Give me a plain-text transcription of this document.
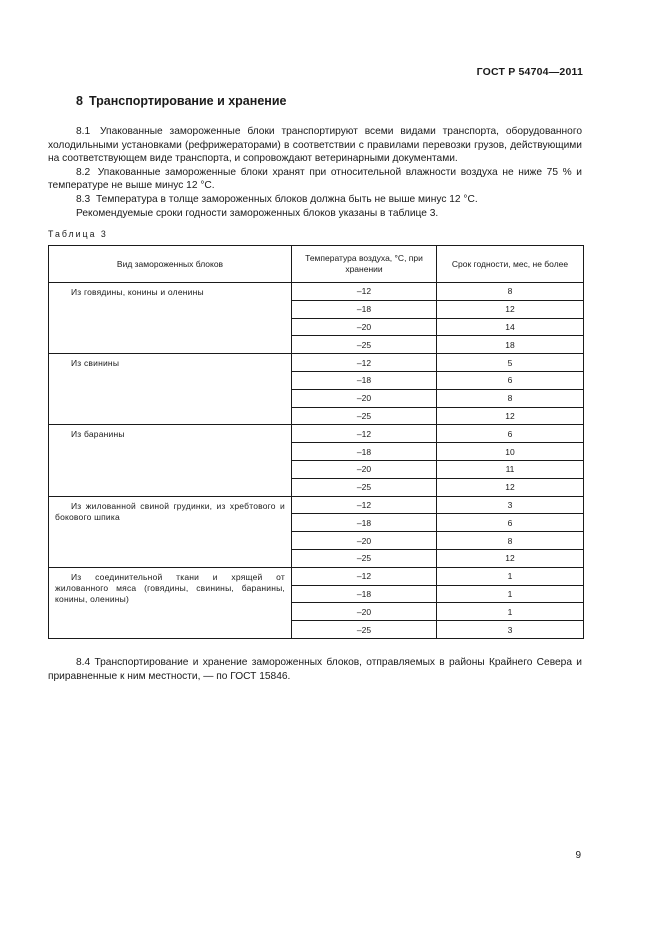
ГОСТ Р 54704—2011
8 Транспортирование и хранение

8.1 Упакованные замороженные блоки транспортируют всеми видами транспорта, оборудованного холодильными установками (рефрижераторами) в соответствии с правилами перевозки грузов, действующими на соответствующем виде транспорта, и сопровождают ветеринарными документами.

8.2 Упакованные замороженные блоки хранят при относительной влажности воздуха не ниже 75 % и температуре не выше минус 12 °С.

8.3 Температура в толще замороженных блоков должна быть не выше минус 12 °С.

Рекомендуемые сроки годности замороженных блоков указаны в таблице 3.

Таблица 3
Вид замороженных блоков	Температура воздуха, °С, при хранении	Срок годности, мес, не более

Из говядины, конины и оленины	–12	8
	–18	12
	–20	14
	–25	18

Из свинины	–12	5
	–18	6
	–20	8
	–25	12

Из баранины	–12	6
	–18	10
	–20	11
	–25	12

Из жилованной свиной грудинки, из хребтового и бокового шпика	–12	3
	–18	6
	–20	8
	–25	12

Из соединительной ткани и хрящей от жилованного мяса (говядины, свинины, баранины, конины, оленины)	–12	1
	–18	1
	–20	1
	–25	3

8.4 Транспортирование и хранение замороженных блоков, отправляемых в районы Крайнего Севера и приравненные к ним местности, — по ГОСТ 15846.

9
